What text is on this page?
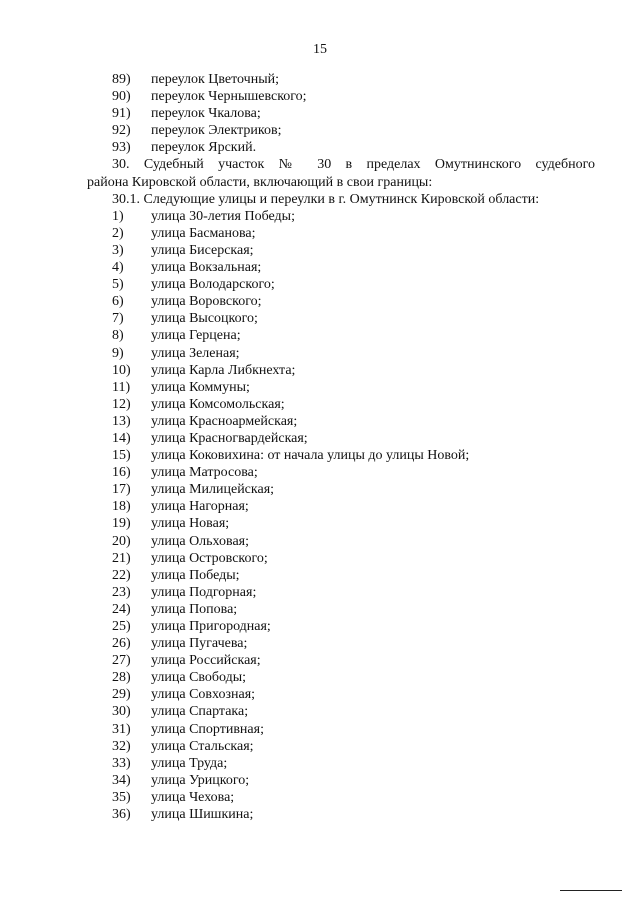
15
89) переулок Цветочный;
90) переулок Чернышевского;
91) переулок Чкалова;
92) переулок Электриков;
93) переулок Ярский.
30. Судебный участок № 30 в пределах Омутнинского судебного
района Кировской области, включающий в свои границы:
30.1. Следующие улицы и переулки в г. Омутнинск Кировской области:
1) улица 30-летия Победы;
2) улица Басманова;
3) улица Бисерская;
4) улица Вокзальная;
5) улица Володарского;
6) улица Воровского;
7) улица Высоцкого;
8) улица Герцена;
9) улица Зеленая;
10) улица Карла Либкнехта;
11) улица Коммуны;
12) улица Комсомольская;
13) улица Красноармейская;
14) улица Красногвардейская;
15) улица Коковихина: от начала улицы до улицы Новой;
16) улица Матросова;
17) улица Милицейская;
18) улица Нагорная;
19) улица Новая;
20) улица Ольховая;
21) улица Островского;
22) улица Победы;
23) улица Подгорная;
24) улица Попова;
25) улица Пригородная;
26) улица Пугачева;
27) улица Российская;
28) улица Свободы;
29) улица Совхозная;
30) улица Спартака;
31) улица Спортивная;
32) улица Стальская;
33) улица Труда;
34) улица Урицкого;
35) улица Чехова;
36) улица Шишкина;
